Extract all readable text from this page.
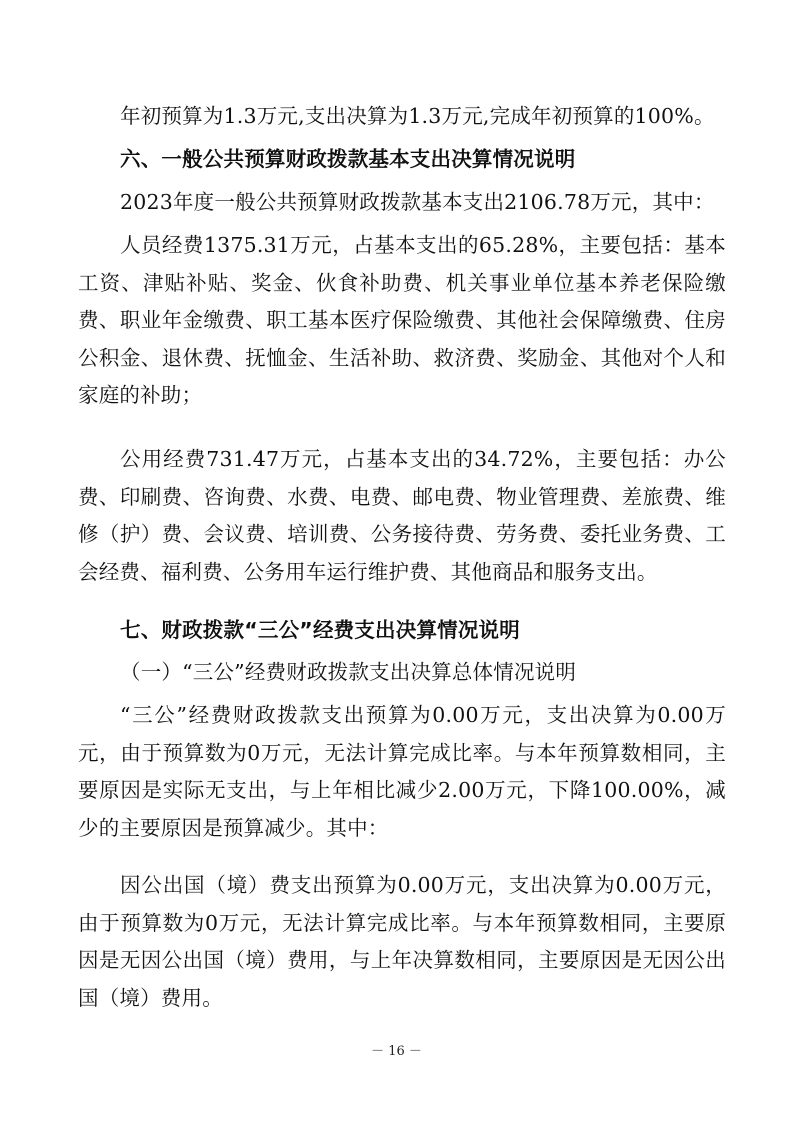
年初预算为1.3万元,支出决算为1.3万元,完成年初预算的100%。

六、一般公共预算财政拨款基本支出决算情况说明

2023年度一般公共预算财政拨款基本支出2106.78万元，其中：

人员经费1375.31万元，占基本支出的65.28%，主要包括：基本工资、津贴补贴、奖金、伙食补助费、机关事业单位基本养老保险缴费、职业年金缴费、职工基本医疗保险缴费、其他社会保障缴费、住房公积金、退休费、抚恤金、生活补助、救济费、奖励金、其他对个人和家庭的补助；

公用经费731.47万元，占基本支出的34.72%，主要包括：办公费、印刷费、咨询费、水费、电费、邮电费、物业管理费、差旅费、维修（护）费、会议费、培训费、公务接待费、劳务费、委托业务费、工会经费、福利费、公务用车运行维护费、其他商品和服务支出。

七、财政拨款“三公”经费支出决算情况说明

（一）“三公”经费财政拨款支出决算总体情况说明

“三公”经费财政拨款支出预算为0.00万元，支出决算为0.00万元，由于预算数为0万元，无法计算完成比率。与本年预算数相同，主要原因是实际无支出，与上年相比减少2.00万元，下降100.00%，减少的主要原因是预算减少。其中：

因公出国（境）费支出预算为0.00万元，支出决算为0.00万元，由于预算数为0万元，无法计算完成比率。与本年预算数相同，主要原因是无因公出国（境）费用，与上年决算数相同，主要原因是无因公出国（境）费用。

－ 16 －
